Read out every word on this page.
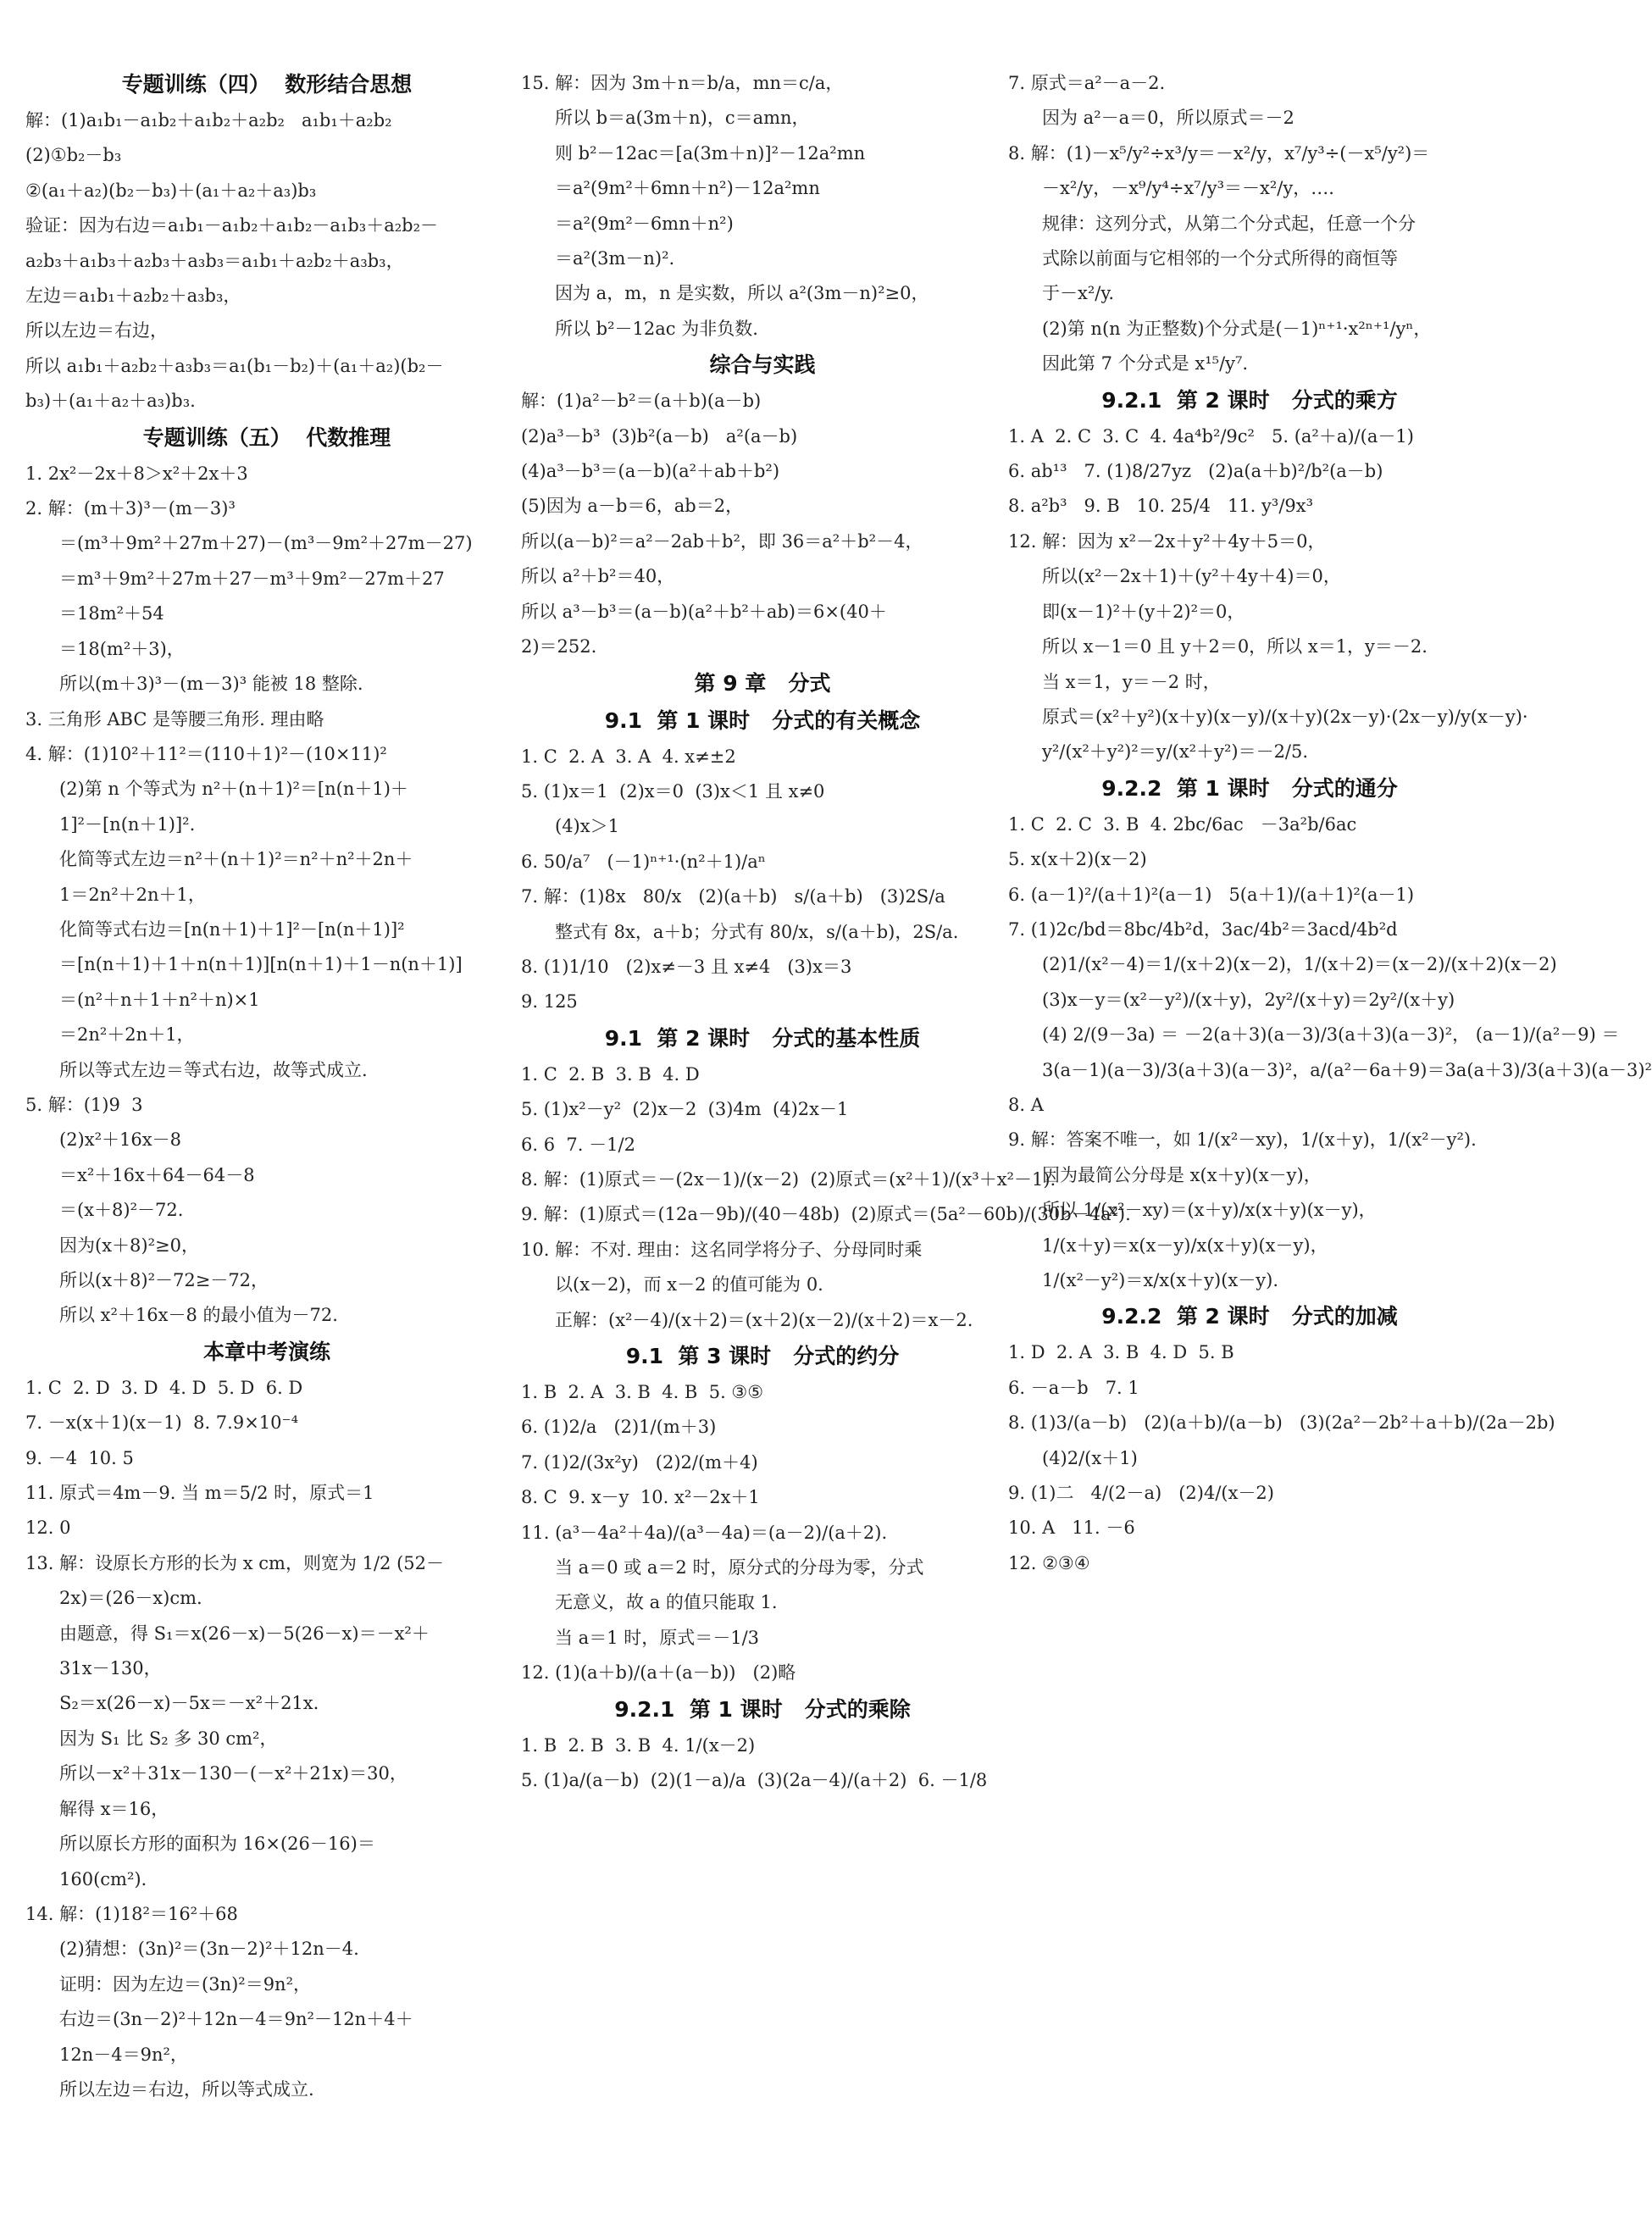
专题训练（四）  数形结合思想
解：(1)a₁b₁－a₁b₂＋a₁b₂＋a₂b₂   a₁b₁＋a₂b₂
(2)①b₂－b₃
②(a₁＋a₂)(b₂－b₃)＋(a₁＋a₂＋a₃)b₃
验证：因为右边＝a₁b₁－a₁b₂＋a₁b₂－a₁b₃＋a₂b₂－
a₂b₃＋a₁b₃＋a₂b₃＋a₃b₃＝a₁b₁＋a₂b₂＋a₃b₃，
左边＝a₁b₁＋a₂b₂＋a₃b₃，
所以左边＝右边，
所以 a₁b₁＋a₂b₂＋a₃b₃＝a₁(b₁－b₂)＋(a₁＋a₂)(b₂－
b₃)＋(a₁＋a₂＋a₃)b₃.
专题训练（五）  代数推理
1. 2x²－2x＋8＞x²＋2x＋3
2. 解：(m＋3)³－(m－3)³
＝(m³＋9m²＋27m＋27)－(m³－9m²＋27m－27)
＝m³＋9m²＋27m＋27－m³＋9m²－27m＋27
＝18m²＋54
＝18(m²＋3)，
所以(m＋3)³－(m－3)³ 能被 18 整除.
3. 三角形 ABC 是等腰三角形. 理由略
4. 解：(1)10²＋11²＝(110＋1)²－(10×11)²
(2)第 n 个等式为 n²＋(n＋1)²＝[n(n＋1)＋
1]²－[n(n＋1)]².
化简等式左边＝n²＋(n＋1)²＝n²＋n²＋2n＋
1＝2n²＋2n＋1，
化简等式右边＝[n(n＋1)＋1]²－[n(n＋1)]²
＝[n(n＋1)＋1＋n(n＋1)][n(n＋1)＋1－n(n＋1)]
＝(n²＋n＋1＋n²＋n)×1
＝2n²＋2n＋1，
所以等式左边＝等式右边，故等式成立.
5. 解：(1)9  3
(2)x²＋16x－8
＝x²＋16x＋64－64－8
＝(x＋8)²－72.
因为(x＋8)²≥0，
所以(x＋8)²－72≥－72，
所以 x²＋16x－8 的最小值为－72.
本章中考演练
1. C  2. D  3. D  4. D  5. D  6. D
7. －x(x＋1)(x－1)  8. 7.9×10⁻⁴
9. －4  10. 5
11. 原式＝4m－9. 当 m＝5/2 时，原式＝1
12. 0
13. 解：设原长方形的长为 x cm，则宽为 1/2 (52－
2x)＝(26－x)cm.
由题意，得 S₁＝x(26－x)－5(26－x)＝－x²＋
31x－130，
S₂＝x(26－x)－5x＝－x²＋21x.
因为 S₁ 比 S₂ 多 30 cm²，
所以－x²＋31x－130－(－x²＋21x)＝30，
解得 x＝16，
所以原长方形的面积为 16×(26－16)＝
160(cm²).
14. 解：(1)18²＝16²＋68
(2)猜想：(3n)²＝(3n－2)²＋12n－4.
证明：因为左边＝(3n)²＝9n²，
右边＝(3n－2)²＋12n－4＝9n²－12n＋4＋
12n－4＝9n²，
所以左边＝右边，所以等式成立.
15. 解：因为 3m＋n＝b/a，mn＝c/a，
所以 b＝a(3m＋n)，c＝amn，
则 b²－12ac＝[a(3m＋n)]²－12a²mn
＝a²(9m²＋6mn＋n²)－12a²mn
＝a²(9m²－6mn＋n²)
＝a²(3m－n)².
因为 a，m，n 是实数，所以 a²(3m－n)²≥0，
所以 b²－12ac 为非负数.
综合与实践
解：(1)a²－b²＝(a＋b)(a－b)
(2)a³－b³  (3)b²(a－b)   a²(a－b)
(4)a³－b³＝(a－b)(a²＋ab＋b²)
(5)因为 a－b＝6，ab＝2，
所以(a－b)²＝a²－2ab＋b²，即 36＝a²＋b²－4，
所以 a²＋b²＝40，
所以 a³－b³＝(a－b)(a²＋b²＋ab)＝6×(40＋
2)＝252.
第 9 章   分式
9.1  第 1 课时   分式的有关概念
1. C  2. A  3. A  4. x≠±2
5. (1)x＝1  (2)x＝0  (3)x＜1 且 x≠0
(4)x＞1
6. 50/a⁷   (－1)ⁿ⁺¹·(n²＋1)/aⁿ
7. 解：(1)8x   80/x   (2)(a＋b)   s/(a＋b)   (3)2S/a
整式有 8x，a＋b；分式有 80/x，s/(a＋b)，2S/a.
8. (1)1/10   (2)x≠－3 且 x≠4   (3)x＝3
9. 125
9.1  第 2 课时   分式的基本性质
1. C  2. B  3. B  4. D
5. (1)x²－y²  (2)x－2  (3)4m  (4)2x－1
6. 6  7. －1/2
8. 解：(1)原式＝－(2x－1)/(x－2)  (2)原式＝(x²＋1)/(x³＋x²－1).
9. 解：(1)原式＝(12a－9b)/(40－48b)  (2)原式＝(5a²－60b)/(30b－4a²).
10. 解：不对. 理由：这名同学将分子、分母同时乘
以(x－2)，而 x－2 的值可能为 0.
正解：(x²－4)/(x＋2)＝(x＋2)(x－2)/(x＋2)＝x－2.
9.1  第 3 课时   分式的约分
1. B  2. A  3. B  4. B  5. ③⑤
6. (1)2/a   (2)1/(m＋3)
7. (1)2/(3x²y)   (2)2/(m＋4)
8. C  9. x－y  10. x²－2x＋1
11. (a³－4a²＋4a)/(a³－4a)＝(a－2)/(a＋2).
当 a＝0 或 a＝2 时，原分式的分母为零，分式
无意义，故 a 的值只能取 1.
当 a＝1 时，原式＝－1/3
12. (1)(a＋b)/(a＋(a－b))   (2)略
9.2.1  第 1 课时   分式的乘除
1. B  2. B  3. B  4. 1/(x－2)
5. (1)a/(a－b)  (2)(1－a)/a  (3)(2a－4)/(a＋2)  6. －1/8
7. 原式＝a²－a－2.
因为 a²－a＝0，所以原式＝－2
8. 解：(1)－x⁵/y²÷x³/y＝－x²/y，x⁷/y³÷(－x⁵/y²)＝
－x²/y，－x⁹/y⁴÷x⁷/y³＝－x²/y，….
规律：这列分式，从第二个分式起，任意一个分
式除以前面与它相邻的一个分式所得的商恒等
于－x²/y.
(2)第 n(n 为正整数)个分式是(－1)ⁿ⁺¹·x²ⁿ⁺¹/yⁿ，
因此第 7 个分式是 x¹⁵/y⁷.
9.2.1  第 2 课时   分式的乘方
1. A  2. C  3. C  4. 4a⁴b²/9c²   5. (a²＋a)/(a－1)
6. ab¹³   7. (1)8/27yz   (2)a(a＋b)²/b²(a－b)
8. a²b³   9. B   10. 25/4   11. y³/9x³
12. 解：因为 x²－2x＋y²＋4y＋5＝0，
所以(x²－2x＋1)＋(y²＋4y＋4)＝0，
即(x－1)²＋(y＋2)²＝0，
所以 x－1＝0 且 y＋2＝0，所以 x＝1，y＝－2.
当 x＝1，y＝－2 时，
原式＝(x²＋y²)(x＋y)(x－y)/(x＋y)(2x－y)·(2x－y)/y(x－y)·
y²/(x²＋y²)²＝y/(x²＋y²)＝－2/5.
9.2.2  第 1 课时   分式的通分
1. C  2. C  3. B  4. 2bc/6ac   －3a²b/6ac
5. x(x＋2)(x－2)
6. (a－1)²/(a＋1)²(a－1)   5(a＋1)/(a＋1)²(a－1)
7. (1)2c/bd＝8bc/4b²d，3ac/4b²＝3acd/4b²d
(2)1/(x²－4)＝1/(x＋2)(x－2)，1/(x＋2)＝(x－2)/(x＋2)(x－2)
(3)x－y＝(x²－y²)/(x＋y)，2y²/(x＋y)＝2y²/(x＋y)
(4) 2/(9－3a) ＝ －2(a＋3)(a－3)/3(a＋3)(a－3)²， (a－1)/(a²－9) ＝
3(a－1)(a－3)/3(a＋3)(a－3)²，a/(a²－6a＋9)＝3a(a＋3)/3(a＋3)(a－3)²
8. A
9. 解：答案不唯一，如 1/(x²－xy)，1/(x＋y)，1/(x²－y²).
因为最简公分母是 x(x＋y)(x－y)，
所以 1/(x²－xy)＝(x＋y)/x(x＋y)(x－y)，
1/(x＋y)＝x(x－y)/x(x＋y)(x－y)，
1/(x²－y²)＝x/x(x＋y)(x－y).
9.2.2  第 2 课时   分式的加减
1. D  2. A  3. B  4. D  5. B
6. －a－b   7. 1
8. (1)3/(a－b)   (2)(a＋b)/(a－b)   (3)(2a²－2b²＋a＋b)/(2a－2b)
(4)2/(x＋1)
9. (1)二   4/(2－a)   (2)4/(x－2)
10. A   11. －6
12. ②③④
